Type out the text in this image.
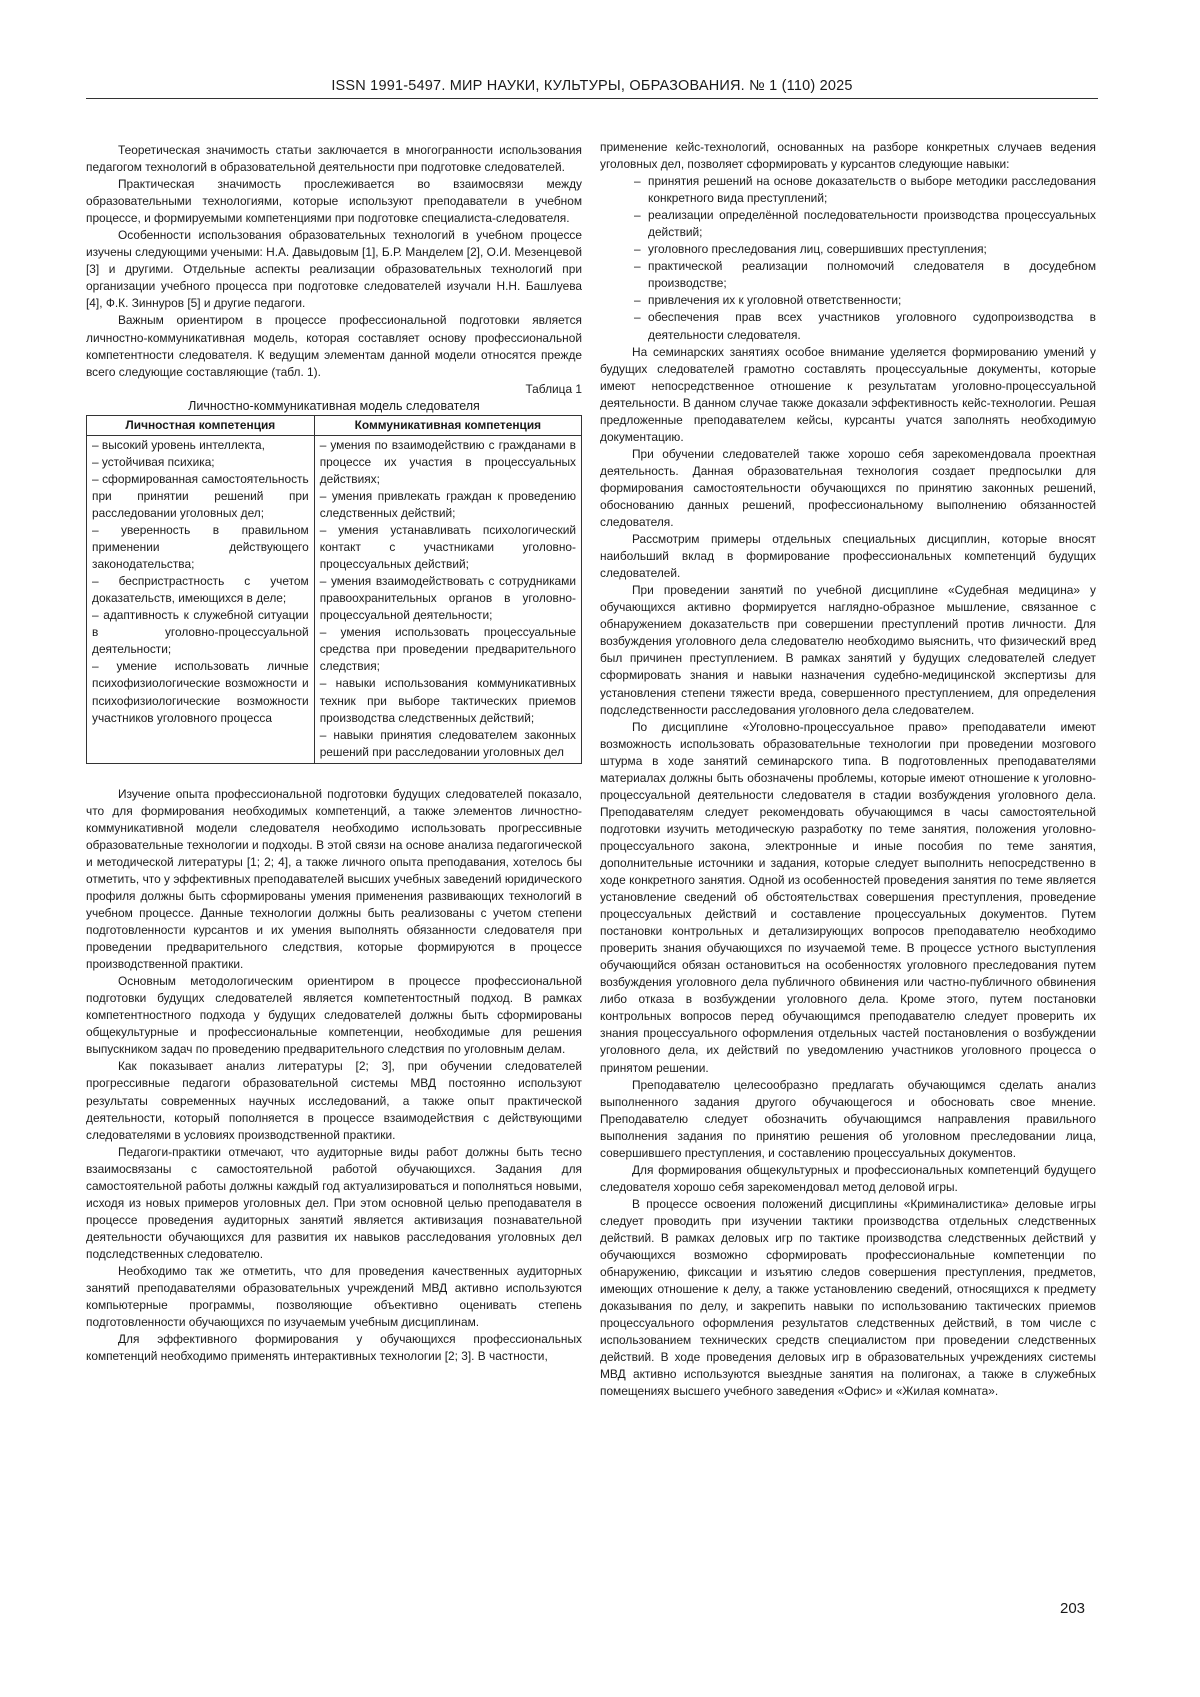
ISSN 1991-5497. МИР НАУКИ, КУЛЬТУРЫ, ОБРАЗОВАНИЯ. № 1 (110) 2025

Теоретическая значимость статьи заключается в многогранности использования педагогом технологий в образовательной деятельности при подготовке следователей.

Практическая значимость прослеживается во взаимосвязи между образовательными технологиями, которые используют преподаватели в учебном процессе, и формируемыми компетенциями при подготовке специалиста-следователя.

Особенности использования образовательных технологий в учебном процессе изучены следующими учеными: Н.А. Давыдовым [1], Б.Р. Манделем [2], О.И. Мезенцевой [3] и другими. Отдельные аспекты реализации образовательных технологий при организации учебного процесса при подготовке следователей изучали Н.Н. Башлуева [4], Ф.К. Зиннуров [5] и другие педагоги.

Важным ориентиром в процессе профессиональной подготовки является личностно-коммуникативная модель, которая составляет основу профессиональной компетентности следователя. К ведущим элементам данной модели относятся прежде всего следующие составляющие (табл. 1).

Таблица 1

Личностно-коммуникативная модель следователя

Личностная компетенция	Коммуникативная компетенция

– высокий уровень интеллекта,
– устойчивая психика;
– сформированная самостоятельность при принятии решений при расследовании уголовных дел;
– уверенность в правильном применении действующего законодательства;
– беспристрастность с учетом доказательств, имеющихся в деле;
– адаптивность к служебной ситуации в уголовно-процессуальной деятельности;
– умение использовать личные психофизиологические возможности и психофизиологические возможности участников уголовного процесса

– умения по взаимодействию с гражданами в процессе их участия в процессуальных действиях;
– умения привлекать граждан к проведению следственных действий;
– умения устанавливать психологический контакт с участниками уголовно-процессуальных действий;
– умения взаимодействовать с сотрудниками правоохранительных органов в уголовно-процессуальной деятельности;
– умения использовать процессуальные средства при проведении предварительного следствия;
– навыки использования коммуникативных техник при выборе тактических приемов производства следственных действий;
– навыки принятия следователем законных решений при расследовании уголовных дел

Изучение опыта профессиональной подготовки будущих следователей показало, что для формирования необходимых компетенций, а также элементов личностно-коммуникативной модели следователя необходимо использовать прогрессивные образовательные технологии и подходы. В этой связи на основе анализа педагогической и методической литературы [1; 2; 4], а также личного опыта преподавания, хотелось бы отметить, что у эффективных преподавателей высших учебных заведений юридического профиля должны быть сформированы умения применения развивающих технологий в учебном процессе. Данные технологии должны быть реализованы с учетом степени подготовленности курсантов и их умения выполнять обязанности следователя при проведении предварительного следствия, которые формируются в процессе производственной практики.

Основным методологическим ориентиром в процессе профессиональной подготовки будущих следователей является компетентостный подход. В рамках компетентностного подхода у будущих следователей должны быть сформированы общекультурные и профессиональные компетенции, необходимые для решения выпускником задач по проведению предварительного следствия по уголовным делам.

Как показывает анализ литературы [2; 3], при обучении следователей прогрессивные педагоги образовательной системы МВД постоянно используют результаты современных научных исследований, а также опыт практической деятельности, который пополняется в процессе взаимодействия с действующими следователями в условиях производственной практики.

Педагоги-практики отмечают, что аудиторные виды работ должны быть тесно взаимосвязаны с самостоятельной работой обучающихся. Задания для самостоятельной работы должны каждый год актуализироваться и пополняться новыми, исходя из новых примеров уголовных дел. При этом основной целью преподавателя в процессе проведения аудиторных занятий является активизация познавательной деятельности обучающихся для развития их навыков расследования уголовных дел подследственных следователю.

Необходимо так же отметить, что для проведения качественных аудиторных занятий преподавателями образовательных учреждений МВД активно используются компьютерные программы, позволяющие объективно оценивать степень подготовленности обучающихся по изучаемым учебным дисциплинам.

Для эффективного формирования у обучающихся профессиональных компетенций необходимо применять интерактивных технологии [2; 3]. В частности,

применение кейс-технологий, основанных на разборе конкретных случаев ведения уголовных дел, позволяет сформировать у курсантов следующие навыки:

– принятия решений на основе доказательств о выборе методики расследования конкретного вида преступлений;
– реализации определённой последовательности производства процессуальных действий;
– уголовного преследования лиц, совершивших преступления;
– практической реализации полномочий следователя в досудебном производстве;
– привлечения их к уголовной ответственности;
– обеспечения прав всех участников уголовного судопроизводства в деятельности следователя.

На семинарских занятиях особое внимание уделяется формированию умений у будущих следователей грамотно составлять процессуальные документы, которые имеют непосредственное отношение к результатам уголовно-процессуальной деятельности. В данном случае также доказали эффективность кейс-технологии. Решая предложенные преподавателем кейсы, курсанты учатся заполнять необходимую документацию.

При обучении следователей также хорошо себя зарекомендовала проектная деятельность. Данная образовательная технология создает предпосылки для формирования самостоятельности обучающихся по принятию законных решений, обоснованию данных решений, профессиональному выполнению обязанностей следователя.

Рассмотрим примеры отдельных специальных дисциплин, которые вносят наибольший вклад в формирование профессиональных компетенций будущих следователей.

При проведении занятий по учебной дисциплине «Судебная медицина» у обучающихся активно формируется наглядно-образное мышление, связанное с обнаружением доказательств при совершении преступлений против личности. Для возбуждения уголовного дела следователю необходимо выяснить, что физический вред был причинен преступлением. В рамках занятий у будущих следователей следует сформировать знания и навыки назначения судебно-медицинской экспертизы для установления степени тяжести вреда, совершенного преступлением, для определения подследственности расследования уголовного дела следователем.

По дисциплине «Уголовно-процессуальное право» преподаватели имеют возможность использовать образовательные технологии при проведении мозгового штурма в ходе занятий семинарского типа. В подготовленных преподавателями материалах должны быть обозначены проблемы, которые имеют отношение к уголовно-процессуальной деятельности следователя в стадии возбуждения уголовного дела. Преподавателям следует рекомендовать обучающимся в часы самостоятельной подготовки изучить методическую разработку по теме занятия, положения уголовно-процессуального закона, электронные и иные пособия по теме занятия, дополнительные источники и задания, которые следует выполнить непосредственно в ходе конкретного занятия. Одной из особенностей проведения занятия по теме является установление сведений об обстоятельствах совершения преступления, проведение процессуальных действий и составление процессуальных документов. Путем постановки контрольных и детализирующих вопросов преподавателю необходимо проверить знания обучающихся по изучаемой теме. В процессе устного выступления обучающийся обязан остановиться на особенностях уголовного преследования путем возбуждения уголовного дела публичного обвинения или частно-публичного обвинения либо отказа в возбуждении уголовного дела. Кроме этого, путем постановки контрольных вопросов перед обучающимся преподавателю следует проверить их знания процессуального оформления отдельных частей постановления о возбуждении уголовного дела, их действий по уведомлению участников уголовного процесса о принятом решении.

Преподавателю целесообразно предлагать обучающимся сделать анализ выполненного задания другого обучающегося и обосновать свое мнение. Преподавателю следует обозначить обучающимся направления правильного выполнения задания по принятию решения об уголовном преследовании лица, совершившего преступления, и составлению процессуальных документов.

Для формирования общекультурных и профессиональных компетенций будущего следователя хорошо себя зарекомендовал метод деловой игры.

В процессе освоения положений дисциплины «Криминалистика» деловые игры следует проводить при изучении тактики производства отдельных следственных действий. В рамках деловых игр по тактике производства следственных действий у обучающихся возможно сформировать профессиональные компетенции по обнаружению, фиксации и изъятию следов совершения преступления, предметов, имеющих отношение к делу, а также установлению сведений, относящихся к предмету доказывания по делу, и закрепить навыки по использованию тактических приемов процессуального оформления результатов следственных действий, в том числе с использованием технических средств специалистом при проведении следственных действий. В ходе проведения деловых игр в образовательных учреждениях системы МВД активно используются выездные занятия на полигонах, а также в служебных помещениях высшего учебного заведения «Офис» и «Жилая комната».

203
